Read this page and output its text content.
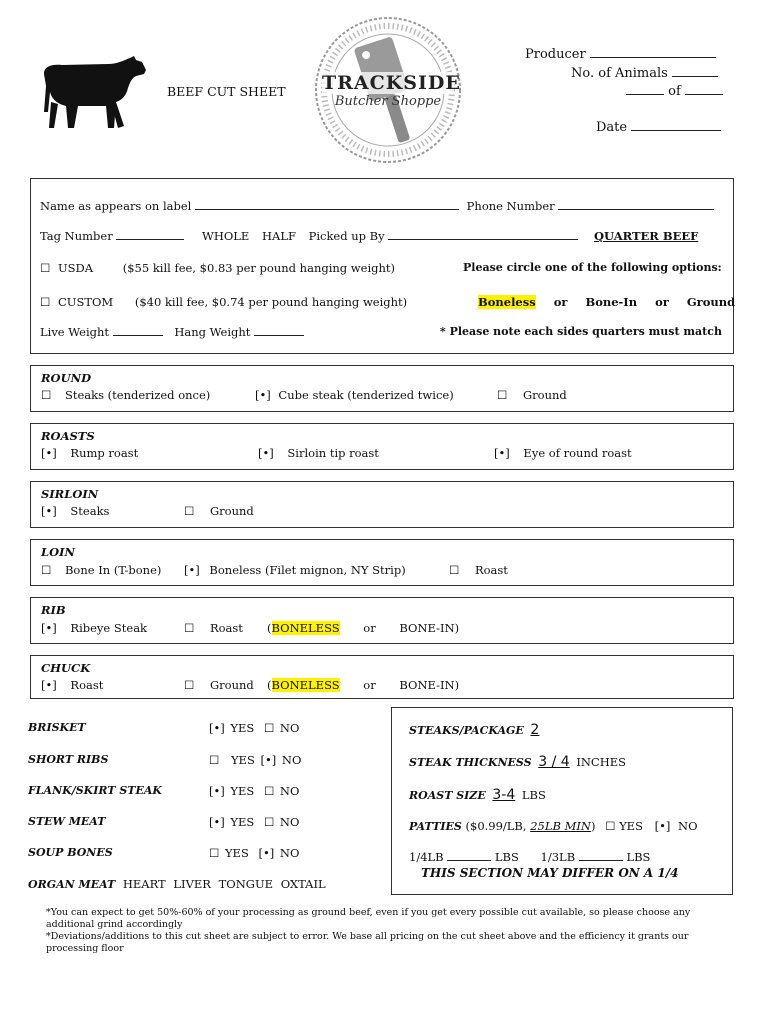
BEEF CUT SHEET TRACKSIDE
Butcher Shoppe
Producer
No. of Animals
of
Date
Name as appears on label	Phone Number
Tag Number	WHOLE HALF Picked up By	QUARTER BEEF
☐ USDA	($55 kill fee, $0.83 per pound hanging weight)	Please circle one of the following options:
☐ CUSTOM ($40 kill fee, $0.74 per pound hanging weight)	Boneless or Bone-In or Ground
Live Weight	Hang Weight	* Please note each sides quarters must match
ROUND
☐ Steaks (tenderized once)	[•] Cube steak (tenderized twice)	☐ Ground
ROASTS
[•] Rump roast	[•] Sirloin tip roast	[•] Eye of round roast
SIRLOIN
[•] Steaks	☐ Ground
LOIN
☐ Bone In (T-bone) [•] Boneless (Filet mignon, NY Strip)	☐ Roast
RIB
[•] Ribeye Steak	☐ Roast (BONELESS or BONE-IN)
CHUCK
[•] Roast	☐ Ground (BONELESS or BONE-IN)
BRISKET	[•] YES ☐ NO
SHORT RIBS	☐ YES [•] NO
FLANK/SKIRT STEAK	[•] YES ☐ NO
STEW MEAT	[•] YES ☐ NO
SOUP BONES	☐ YES [•] NO
ORGAN MEAT HEART LIVER TONGUE OXTAIL
STEAKS/PACKAGE 2
STEAK THICKNESS 3 / 4 INCHES
ROAST SIZE 3-4 LBS
PATTIES ($0.99/LB, 25LB MIN) ☐ YES [•] NO
1/4LB	LBS 1/3LB	LBS
THIS SECTION MAY DIFFER ON A 1/4
*You can expect to get 50%-60% of your processing as ground beef, even if you get every possible cut available, so please choose any additional grind accordingly
*Deviations/additions to this cut sheet are subject to error. We base all pricing on the cut sheet above and the efficiency it grants our processing floor
